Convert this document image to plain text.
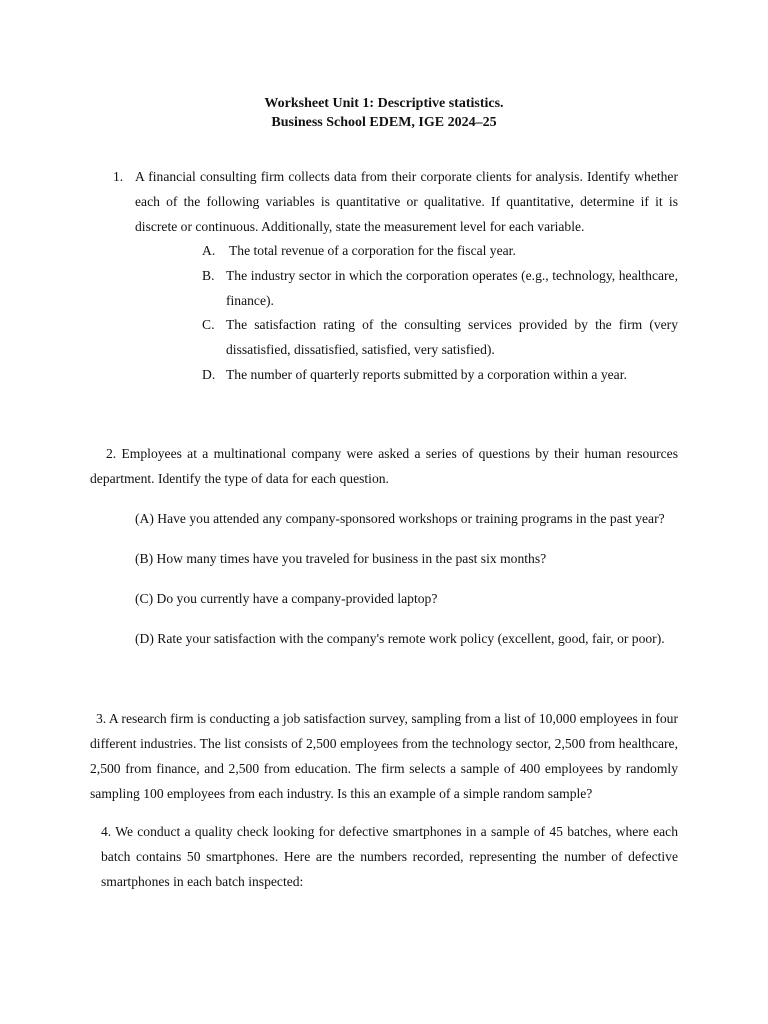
Worksheet Unit 1: Descriptive statistics.
Business School EDEM, IGE 2024‒25
1. A financial consulting firm collects data from their corporate clients for analysis. Identify whether each of the following variables is quantitative or qualitative. If quantitative, determine if it is discrete or continuous. Additionally, state the measurement level for each variable.
A. The total revenue of a corporation for the fiscal year.
B. The industry sector in which the corporation operates (e.g., technology, healthcare, finance).
C. The satisfaction rating of the consulting services provided by the firm (very dissatisfied, dissatisfied, satisfied, very satisfied).
D. The number of quarterly reports submitted by a corporation within a year.
2. Employees at a multinational company were asked a series of questions by their human resources department. Identify the type of data for each question.
(A) Have you attended any company-sponsored workshops or training programs in the past year?
(B) How many times have you traveled for business in the past six months?
(C) Do you currently have a company-provided laptop?
(D) Rate your satisfaction with the company's remote work policy (excellent, good, fair, or poor).
3. A research firm is conducting a job satisfaction survey, sampling from a list of 10,000 employees in four different industries. The list consists of 2,500 employees from the technology sector, 2,500 from healthcare, 2,500 from finance, and 2,500 from education. The firm selects a sample of 400 employees by randomly sampling 100 employees from each industry. Is this an example of a simple random sample?
4. We conduct a quality check looking for defective smartphones in a sample of 45 batches, where each batch contains 50 smartphones. Here are the numbers recorded, representing the number of defective smartphones in each batch inspected:
